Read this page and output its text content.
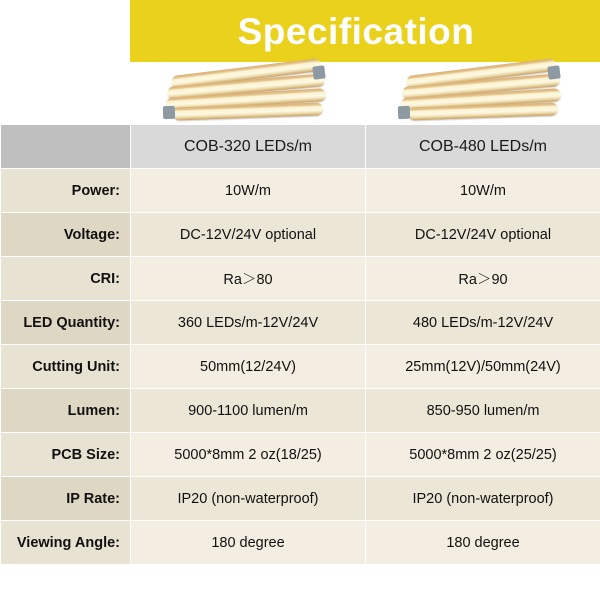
Specification
	COB-320 LEDs/m	COB-480 LEDs/m
Power:	10W/m	10W/m
Voltage:	DC-12V/24V optional	DC-12V/24V optional
CRI:	Ra＞80	Ra＞90
LED Quantity:	360 LEDs/m-12V/24V	480 LEDs/m-12V/24V
Cutting Unit:	50mm(12/24V)	25mm(12V)/50mm(24V)
Lumen:	900-1100 lumen/m	850-950 lumen/m
PCB Size:	5000*8mm 2 oz(18/25)	5000*8mm 2 oz(25/25)
IP Rate:	IP20 (non-waterproof)	IP20 (non-waterproof)
Viewing Angle:	180 degree	180 degree
